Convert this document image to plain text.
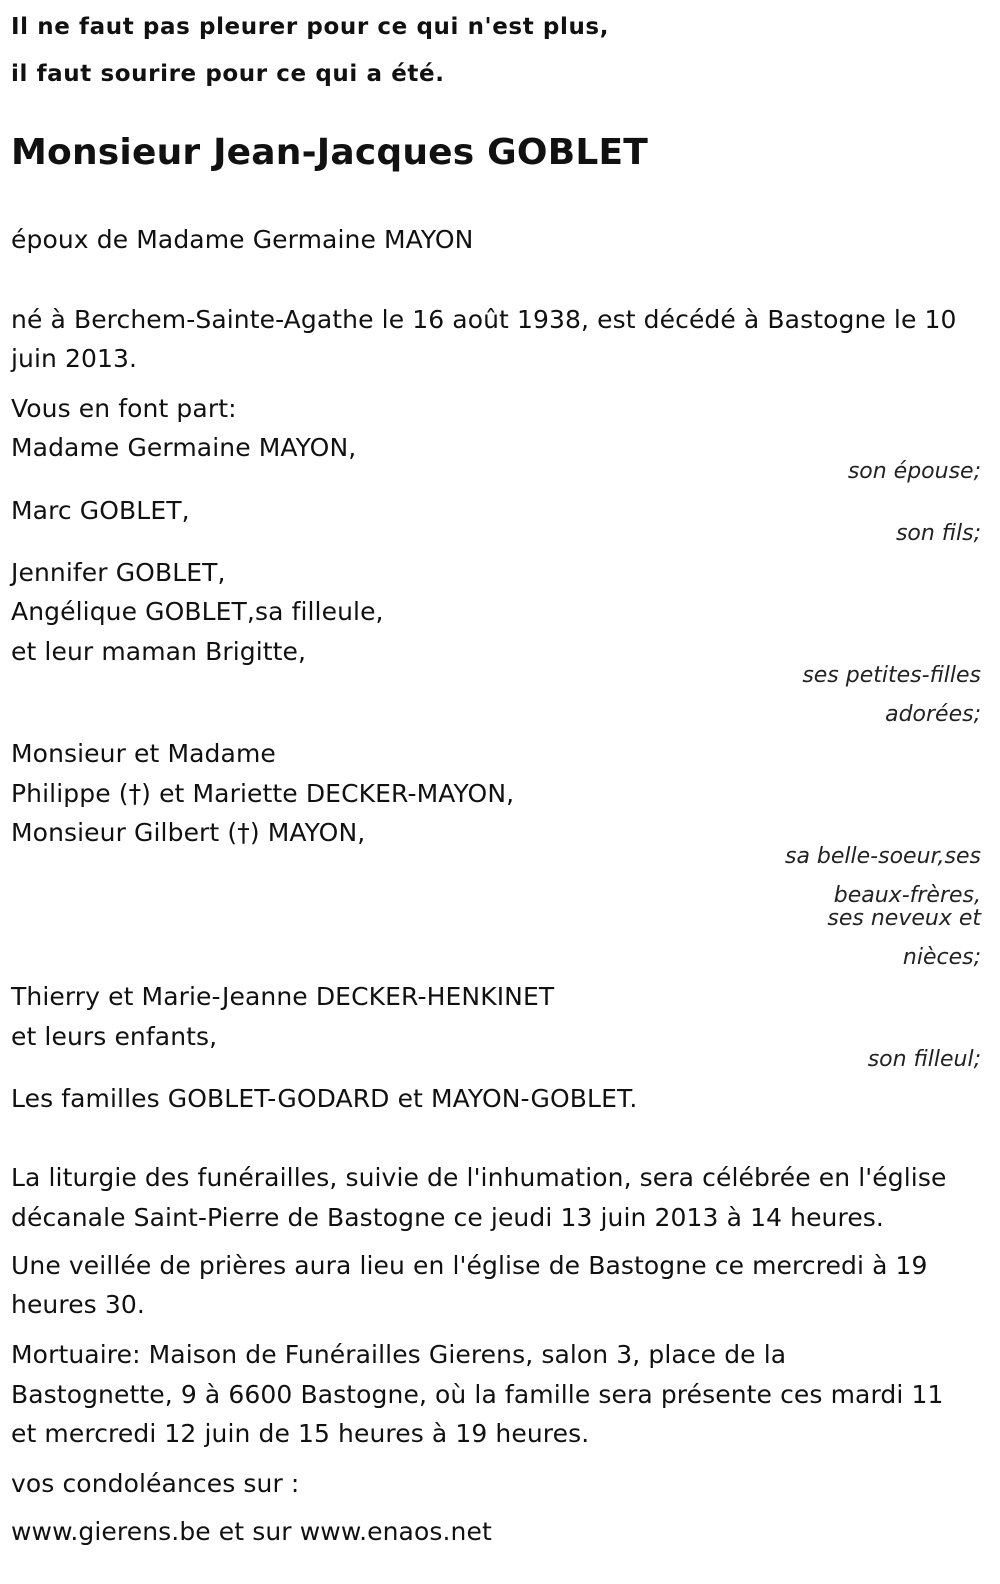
Il ne faut pas pleurer pour ce qui n'est plus,
il faut sourire pour ce qui a été.
Monsieur Jean-Jacques GOBLET
époux de Madame Germaine MAYON
né à Berchem-Sainte-Agathe le 16 août 1938, est décédé à Bastogne le 10
juin 2013.
Vous en font part:
Madame Germaine MAYON,
son épouse;
Marc GOBLET,
son fils;
Jennifer GOBLET,
Angélique GOBLET,sa filleule,
et leur maman Brigitte,
ses petites-filles
adorées;
Monsieur et Madame
Philippe (†) et Mariette DECKER-MAYON,
Monsieur Gilbert (†) MAYON,
sa belle-soeur,ses
beaux-frères,
ses neveux et
nièces;
Thierry et Marie-Jeanne DECKER-HENKINET
et leurs enfants,
son filleul;
Les familles GOBLET-GODARD et MAYON-GOBLET.
La liturgie des funérailles, suivie de l'inhumation, sera célébrée en l'église
décanale Saint-Pierre de Bastogne ce jeudi 13 juin 2013 à 14 heures.
Une veillée de prières aura lieu en l'église de Bastogne ce mercredi à 19
heures 30.
Mortuaire: Maison de Funérailles Gierens, salon 3, place de la
Bastognette, 9 à 6600 Bastogne, où la famille sera présente ces mardi 11
et mercredi 12 juin de 15 heures à 19 heures.
vos condoléances sur :
www.gierens.be et sur www.enaos.net
